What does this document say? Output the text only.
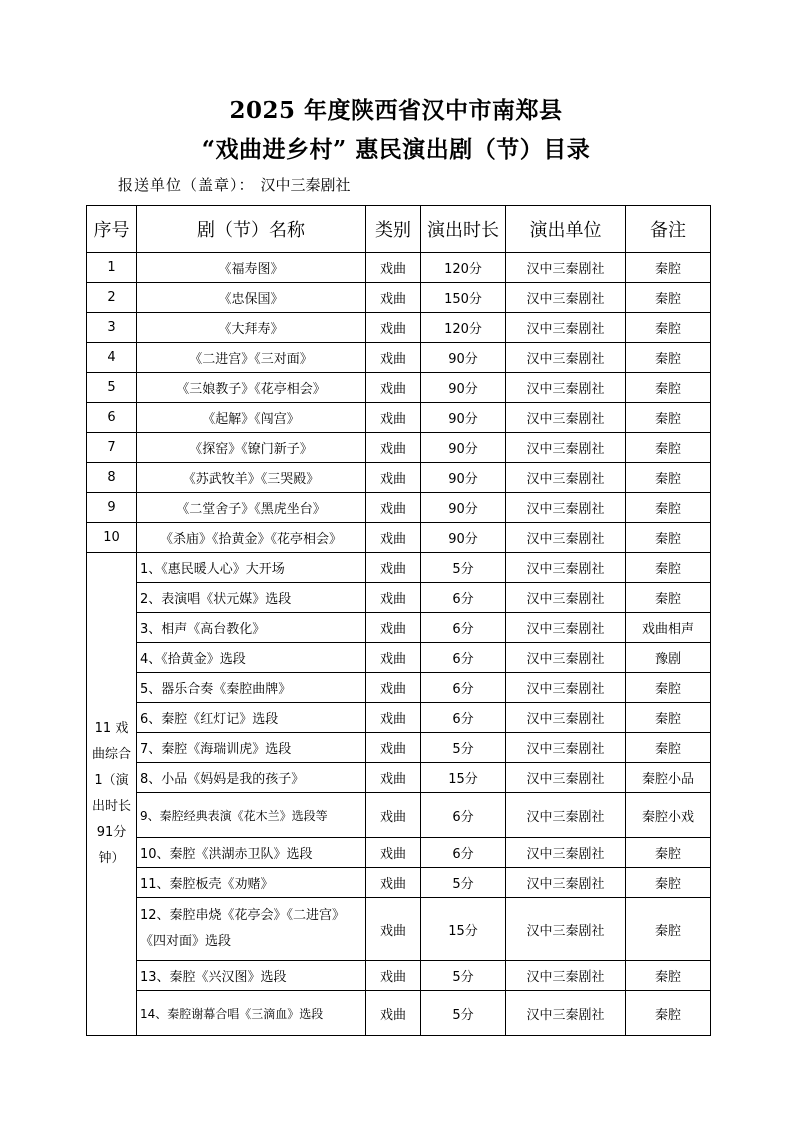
2025 年度陕西省汉中市南郑县
“戏曲进乡村” 惠民演出剧（节）目录
报送单位（盖章）： 汉中三秦剧社
序号	剧（节）名称	类别	演出时长	演出单位	备注
1	《福寿图》	戏曲	120分	汉中三秦剧社	秦腔
2	《忠保国》	戏曲	150分	汉中三秦剧社	秦腔
3	《大拜寿》	戏曲	120分	汉中三秦剧社	秦腔
4	《二进宫》《三对面》	戏曲	90分	汉中三秦剧社	秦腔
5	《三娘教子》《花亭相会》	戏曲	90分	汉中三秦剧社	秦腔
6	《起解》《闯宫》	戏曲	90分	汉中三秦剧社	秦腔
7	《探窑》《镣门新子》	戏曲	90分	汉中三秦剧社	秦腔
8	《苏武牧羊》《三哭殿》	戏曲	90分	汉中三秦剧社	秦腔
9	《二堂舍子》《黑虎坐台》	戏曲	90分	汉中三秦剧社	秦腔
10	《杀庙》《拾黄金》《花亭相会》	戏曲	90分	汉中三秦剧社	秦腔
11 戏曲综合1（演出时长91分钟）	1、《惠民暖人心》大开场	戏曲	5分	汉中三秦剧社	秦腔
	2、表演唱《状元媒》选段	戏曲	6分	汉中三秦剧社	秦腔
	3、相声《高台教化》	戏曲	6分	汉中三秦剧社	戏曲相声
	4、《拾黄金》选段	戏曲	6分	汉中三秦剧社	豫剧
	5、器乐合奏《秦腔曲牌》	戏曲	6分	汉中三秦剧社	秦腔
	6、秦腔《红灯记》选段	戏曲	6分	汉中三秦剧社	秦腔
	7、秦腔《海瑞训虎》选段	戏曲	5分	汉中三秦剧社	秦腔
	8、小品《妈妈是我的孩子》	戏曲	15分	汉中三秦剧社	秦腔小品
	9、秦腔经典表演《花木兰》选段等	戏曲	6分	汉中三秦剧社	秦腔小戏
	10、秦腔《洪湖赤卫队》选段	戏曲	6分	汉中三秦剧社	秦腔
	11、秦腔板壳《劝赌》	戏曲	5分	汉中三秦剧社	秦腔
	12、秦腔串烧《花亭会》《二进宫》《四对面》选段	戏曲	15分	汉中三秦剧社	秦腔
	13、秦腔《兴汉图》选段	戏曲	5分	汉中三秦剧社	秦腔
	14、秦腔谢幕合唱《三滴血》选段	戏曲	5分	汉中三秦剧社	秦腔
